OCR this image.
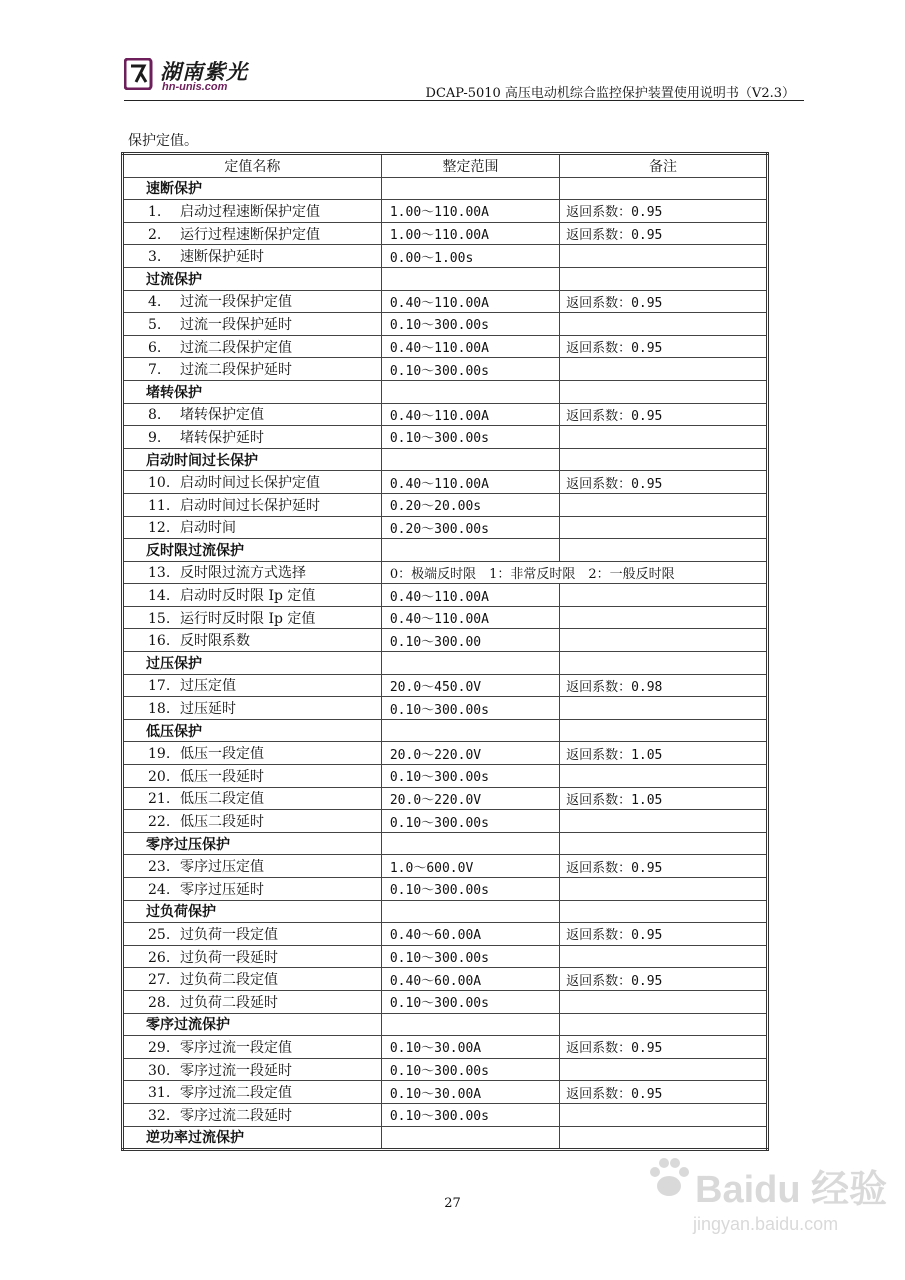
湖南紫光
hn-unis.com	DCAP-5010 高压电动机综合监控保护装置使用说明书（V2.3）
保护定值。
定值名称	整定范围	备注
速断保护		
1. 启动过程速断保护定值	1.00～110.00A	返回系数：0.95
2. 运行过程速断保护定值	1.00～110.00A	返回系数：0.95
3. 速断保护延时	0.00～1.00s	
过流保护		
4. 过流一段保护定值	0.40～110.00A	返回系数：0.95
5. 过流一段保护延时	0.10～300.00s	
6. 过流二段保护定值	0.40～110.00A	返回系数：0.95
7. 过流二段保护延时	0.10～300.00s	
堵转保护		
8. 堵转保护定值	0.40～110.00A	返回系数：0.95
9. 堵转保护延时	0.10～300.00s	
启动时间过长保护		
10. 启动时间过长保护定值	0.40～110.00A	返回系数：0.95
11. 启动时间过长保护延时	0.20～20.00s	
12. 启动时间	0.20～300.00s	
反时限过流保护		
13. 反时限过流方式选择	0：极端反时限　1：非常反时限　2：一般反时限	
14. 启动时反时限 Ip 定值	0.40～110.00A	
15. 运行时反时限 Ip 定值	0.40～110.00A	
16. 反时限系数	0.10～300.00	
过压保护		
17. 过压定值	20.0～450.0V	返回系数：0.98
18. 过压延时	0.10～300.00s	
低压保护		
19. 低压一段定值	20.0～220.0V	返回系数：1.05
20. 低压一段延时	0.10～300.00s	
21. 低压二段定值	20.0～220.0V	返回系数：1.05
22. 低压二段延时	0.10～300.00s	
零序过压保护		
23. 零序过压定值	1.0～600.0V	返回系数：0.95
24. 零序过压延时	0.10～300.00s	
过负荷保护		
25. 过负荷一段定值	0.40～60.00A	返回系数：0.95
26. 过负荷一段延时	0.10～300.00s	
27. 过负荷二段定值	0.40～60.00A	返回系数：0.95
28. 过负荷二段延时	0.10～300.00s	
零序过流保护		
29. 零序过流一段定值	0.10～30.00A	返回系数：0.95
30. 零序过流一段延时	0.10～300.00s	
31. 零序过流二段定值	0.10～30.00A	返回系数：0.95
32. 零序过流二段延时	0.10～300.00s	
逆功率过流保护		
27	Baidu 经验
jingyan.baidu.com
